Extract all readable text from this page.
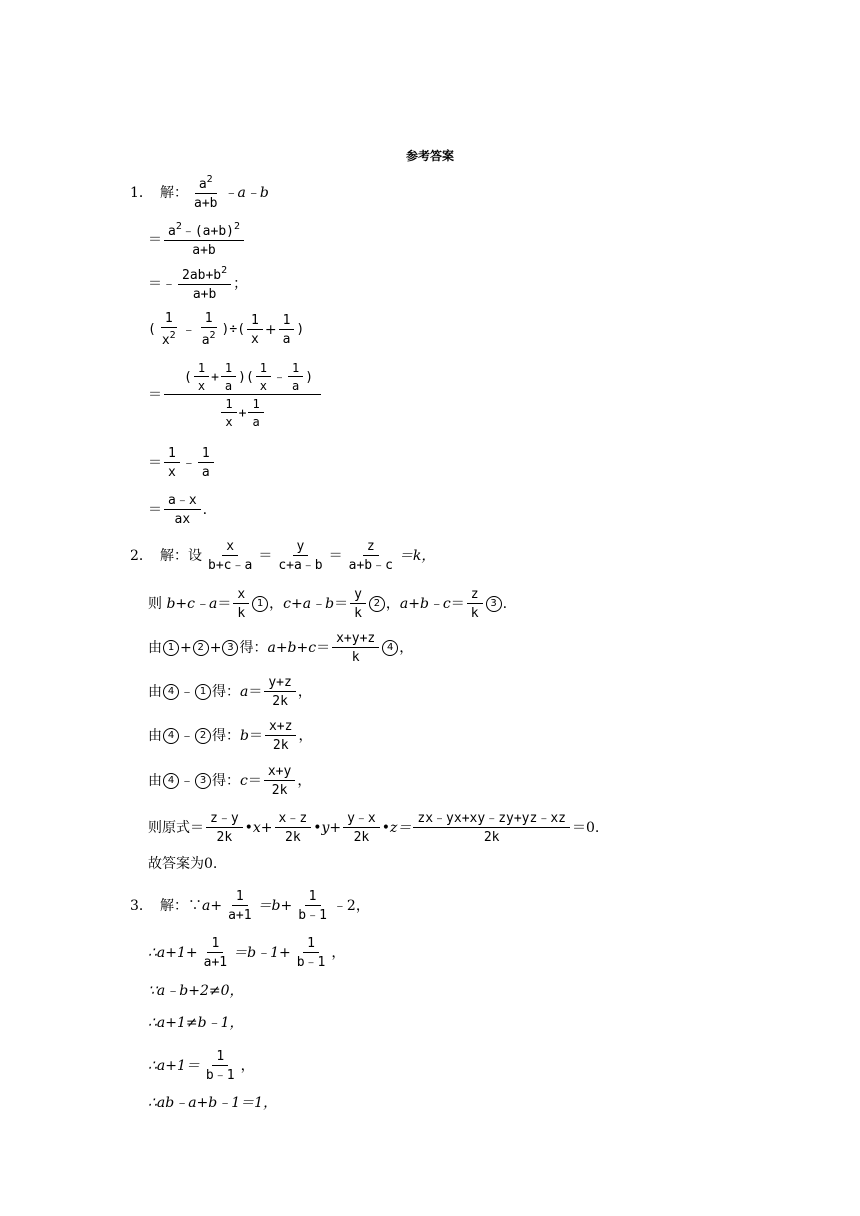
参考答案
1． 解： $\frac{a^2}{a+b}$ ﹣a﹣b
＝ $\frac{a^2﹣(a+b)^2}{a+b}$
＝﹣ $\frac{2ab+b^2}{a+b}$ ；
( $\frac{1}{x^2}$ ﹣ $\frac{1}{a^2}$ )÷( $\frac{1}{x} + \frac{1}{a}$ )
＝
( $\frac{1}{x} + \frac{1}{a}$ )( $\frac{1}{x}$ ﹣ $\frac{1}{a}$ )
$\frac{1}{x} + \frac{1}{a}$
＝ $\frac{1}{x}$ ﹣ $\frac{1}{a}$
＝ $\frac{a﹣x}{ax}$ .
2． 解：设 $\frac{x}{b+c﹣a} = \frac{y}{c+a﹣b} = \frac{z}{a+b﹣c} =k$，
则
b+c﹣a ＝ $\frac{x}{k} 1$ ， c+a﹣b ＝ $\frac{y}{k} 2$ ， a+b﹣c ＝ $\frac{z}{k} 3$ .
由 1 + 2 + 3 得： $a+b+c = \frac{x+y+z}{k} 4$ ，
由 4 ﹣ 1 得： $a = \frac{y+z}{2k}$ ，
由 4 ﹣ 2 得： $b = \frac{x+z}{2k}$ ，
由 4 ﹣ 3 得： $c = \frac{x+y}{2k}$ ，
则原式＝ $\frac{z﹣y}{2k}$ •x+ $\frac{x﹣z}{2k}$ •y+ $\frac{y﹣x}{2k}$ •z＝ $\frac{zx﹣yx+xy﹣zy+yz﹣xz}{2k} =0$.
故答案为0.
3． 解：∵ $a+ \frac{1}{a+1} =b+ \frac{1}{b﹣1}$ ﹣2，
∴a+1+ $\frac{1}{a+1}$ ＝b﹣1+ $\frac{1}{b﹣1}$ ，
∵a﹣b+2≠0，
∴a+1≠b﹣1，
∴a+1＝ $\frac{1}{b﹣1}$ ，
∴ab﹣a+b﹣1＝1，
